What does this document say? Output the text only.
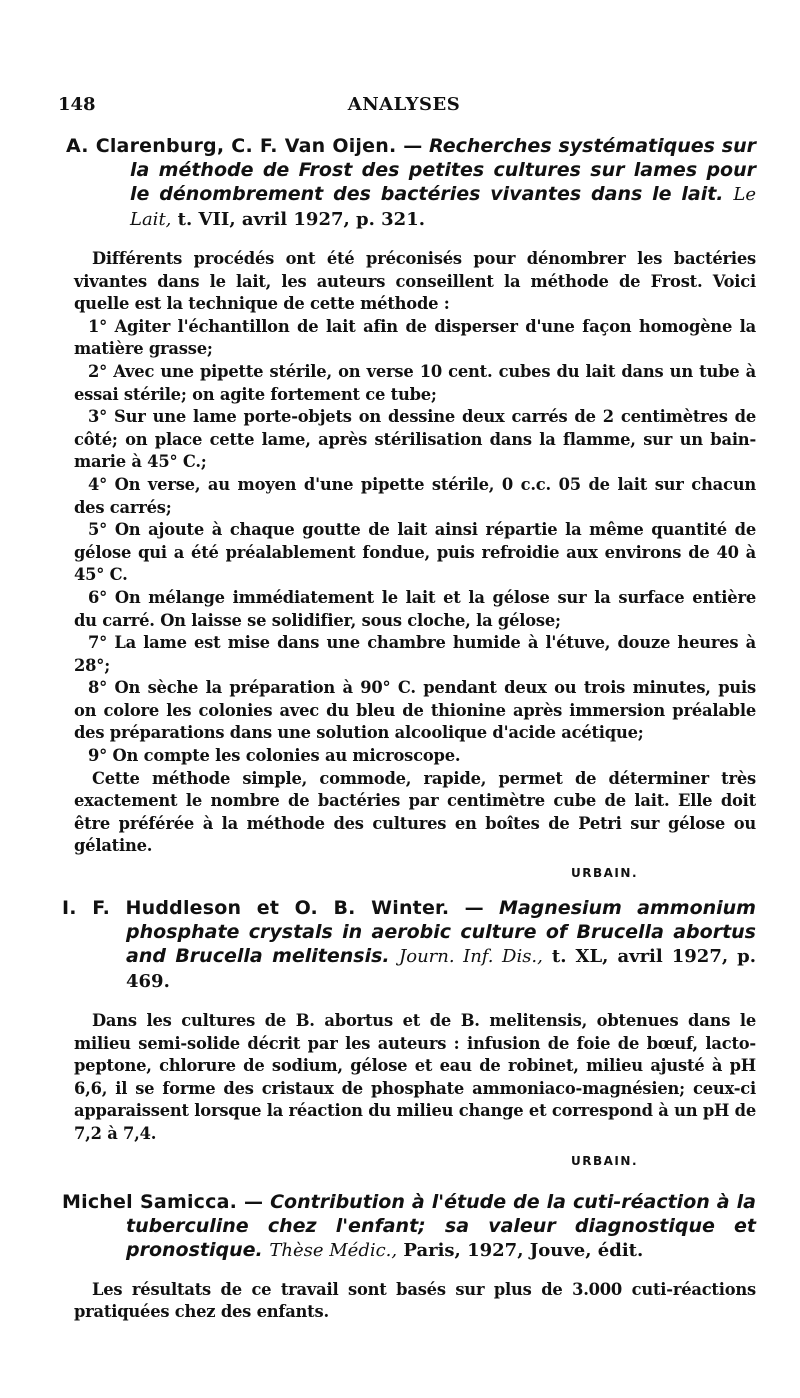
148	ANALYSES

A. Clarenburg, C. F. Van Oijen. — Recherches systématiques sur la méthode de Frost des petites cultures sur lames pour le dénombrement des bactéries vivantes dans le lait. Le Lait, t. VII, avril 1927, p. 321.

Différents procédés ont été préconisés pour dénombrer les bactéries vivantes dans le lait, les auteurs conseillent la méthode de Frost. Voici quelle est la technique de cette méthode :

1° Agiter l'échantillon de lait afin de disperser d'une façon homogène la matière grasse;

2° Avec une pipette stérile, on verse 10 cent. cubes du lait dans un tube à essai stérile; on agite fortement ce tube;

3° Sur une lame porte-objets on dessine deux carrés de 2 centimètres de côté; on place cette lame, après stérilisation dans la flamme, sur un bain-marie à 45° C.;

4° On verse, au moyen d'une pipette stérile, 0 c.c. 05 de lait sur chacun des carrés;

5° On ajoute à chaque goutte de lait ainsi répartie la même quantité de gélose qui a été préalablement fondue, puis refroidie aux environs de 40 à 45° C.

6° On mélange immédiatement le lait et la gélose sur la surface entière du carré. On laisse se solidifier, sous cloche, la gélose;

7° La lame est mise dans une chambre humide à l'étuve, douze heures à 28°;

8° On sèche la préparation à 90° C. pendant deux ou trois minutes, puis on colore les colonies avec du bleu de thionine après immersion préalable des préparations dans une solution alcoolique d'acide acétique;

9° On compte les colonies au microscope.

Cette méthode simple, commode, rapide, permet de déterminer très exactement le nombre de bactéries par centimètre cube de lait. Elle doit être préférée à la méthode des cultures en boîtes de Petri sur gélose ou gélatine.

URBAIN.

I. F. Huddleson et O. B. Winter. — Magnesium ammonium phosphate crystals in aerobic culture of Brucella abortus and Brucella melitensis. Journ. Inf. Dis., t. XL, avril 1927, p. 469.

Dans les cultures de B. abortus et de B. melitensis, obtenues dans le milieu semi-solide décrit par les auteurs : infusion de foie de bœuf, lacto-peptone, chlorure de sodium, gélose et eau de robinet, milieu ajusté à pH 6,6, il se forme des cristaux de phosphate ammoniaco-magnésien; ceux-ci apparaissent lorsque la réaction du milieu change et correspond à un pH de 7,2 à 7,4.

URBAIN.

Michel Samicca. — Contribution à l'étude de la cuti-réaction à la tuberculine chez l'enfant; sa valeur diagnostique et pronostique. Thèse Médic., Paris, 1927, Jouve, édit.

Les résultats de ce travail sont basés sur plus de 3.000 cuti-réactions pratiquées chez des enfants.
